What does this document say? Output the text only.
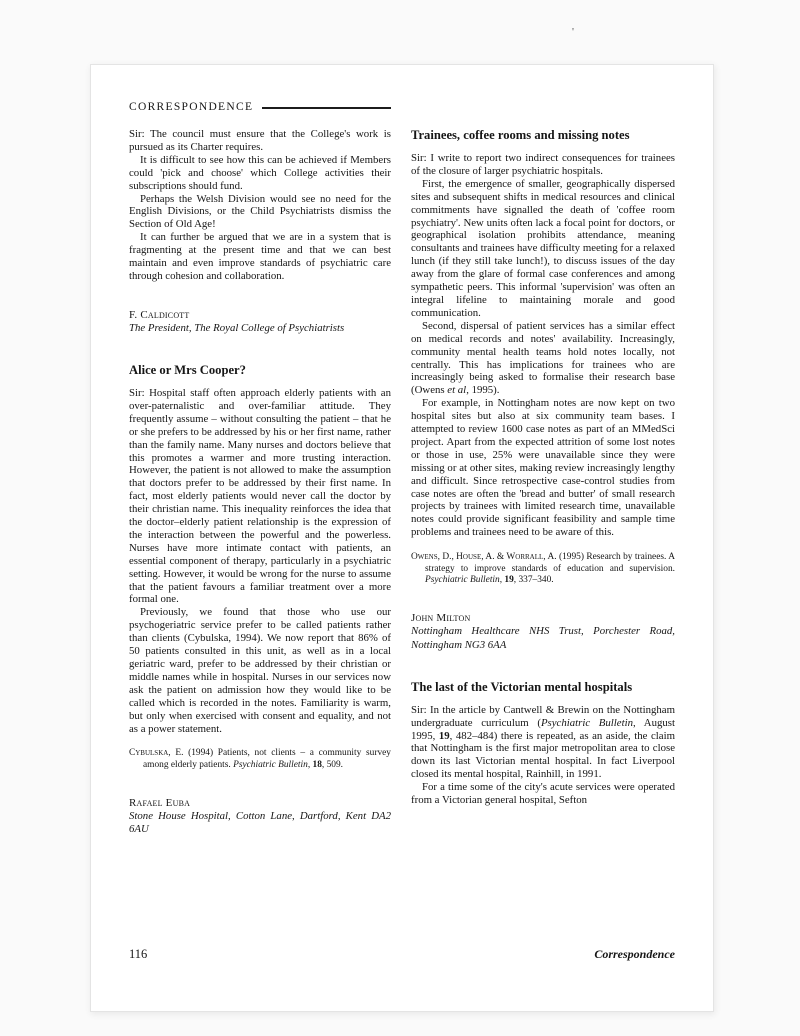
'
CORRESPONDENCE

Sir: The council must ensure that the College's work is pursued as its Charter requires.

It is difficult to see how this can be achieved if Members could 'pick and choose' which College activities their subscriptions should fund.

Perhaps the Welsh Division would see no need for the English Divisions, or the Child Psychiatrists dismiss the Section of Old Age!

It can further be argued that we are in a system that is fragmenting at the present time and that we can best maintain and even improve standards of psychiatric care through cohesion and collaboration.

F. Caldicott
The President, The Royal College of Psychiatrists
Alice or Mrs Cooper?

Sir: Hospital staff often approach elderly patients with an over-paternalistic and over-familiar attitude. They frequently assume – without consulting the patient – that he or she prefers to be addressed by his or her first name, rather than the family name. Many nurses and doctors believe that this promotes a warmer and more trusting interaction. However, the patient is not allowed to make the assumption that doctors prefer to be addressed by their first name. In fact, most elderly patients would never call the doctor by their christian name. This inequality reinforces the idea that the doctor–elderly patient relationship is the expression of the interaction between the powerful and the powerless. Nurses have more intimate contact with patients, an essential component of therapy, particularly in a psychiatric setting. However, it would be wrong for the nurse to assume that the patient favours a familiar treatment over a more formal one.

Previously, we found that those who use our psychogeriatric service prefer to be called patients rather than clients (Cybulska, 1994). We now report that 86% of 50 patients consulted in this unit, as well as in a local geriatric ward, prefer to be addressed by their christian or middle names while in hospital. Nurses in our services now ask the patient on admission how they would like to be called which is recorded in the notes. Familiarity is warm, but only when exercised with consent and equality, and not as a power statement.

Cybulska, E. (1994) Patients, not clients – a community survey among elderly patients. Psychiatric Bulletin, 18, 509.
Rafael Euba
Stone House Hospital, Cotton Lane, Dartford, Kent DA2 6AU
Trainees, coffee rooms and missing notes

Sir: I write to report two indirect consequences for trainees of the closure of larger psychiatric hospitals.

First, the emergence of smaller, geographically dispersed sites and subsequent shifts in medical resources and clinical commitments have signalled the death of 'coffee room psychiatry'. New units often lack a focal point for doctors, or geographical isolation prohibits attendance, meaning consultants and trainees have difficulty meeting for a relaxed lunch (if they still take lunch!), to discuss issues of the day away from the glare of formal case conferences and among sympathetic peers. This informal 'supervision' was often an integral lifeline to maintaining morale and good communication.

Second, dispersal of patient services has a similar effect on medical records and notes' availability. Increasingly, community mental health teams hold notes locally, not centrally. This has implications for trainees who are increasingly being asked to formalise their research base (Owens et al, 1995).

For example, in Nottingham notes are now kept on two hospital sites but also at six community team bases. I attempted to review 1600 case notes as part of an MMedSci project. Apart from the expected attrition of some lost notes or those in use, 25% were unavailable since they were missing or at other sites, making review increasingly lengthy and difficult. Since retrospective case-control studies from case notes are often the 'bread and butter' of small research projects by trainees with limited research time, unavailable notes could provide significant feasibility and sample time problems and trainees need to be aware of this.

Owens, D., House, A. & Worrall, A. (1995) Research by trainees. A strategy to improve standards of education and supervision. Psychiatric Bulletin, 19, 337–340.
John Milton
Nottingham Healthcare NHS Trust, Porchester Road, Nottingham NG3 6AA
The last of the Victorian mental hospitals

Sir: In the article by Cantwell & Brewin on the Nottingham undergraduate curriculum (Psychiatric Bulletin, August 1995, 19, 482–484) there is repeated, as an aside, the claim that Nottingham is the first major metropolitan area to close down its last Victorian mental hospital. In fact Liverpool closed its mental hospital, Rainhill, in 1991.

For a time some of the city's acute services were operated from a Victorian general hospital, Sefton

116	Correspondence
